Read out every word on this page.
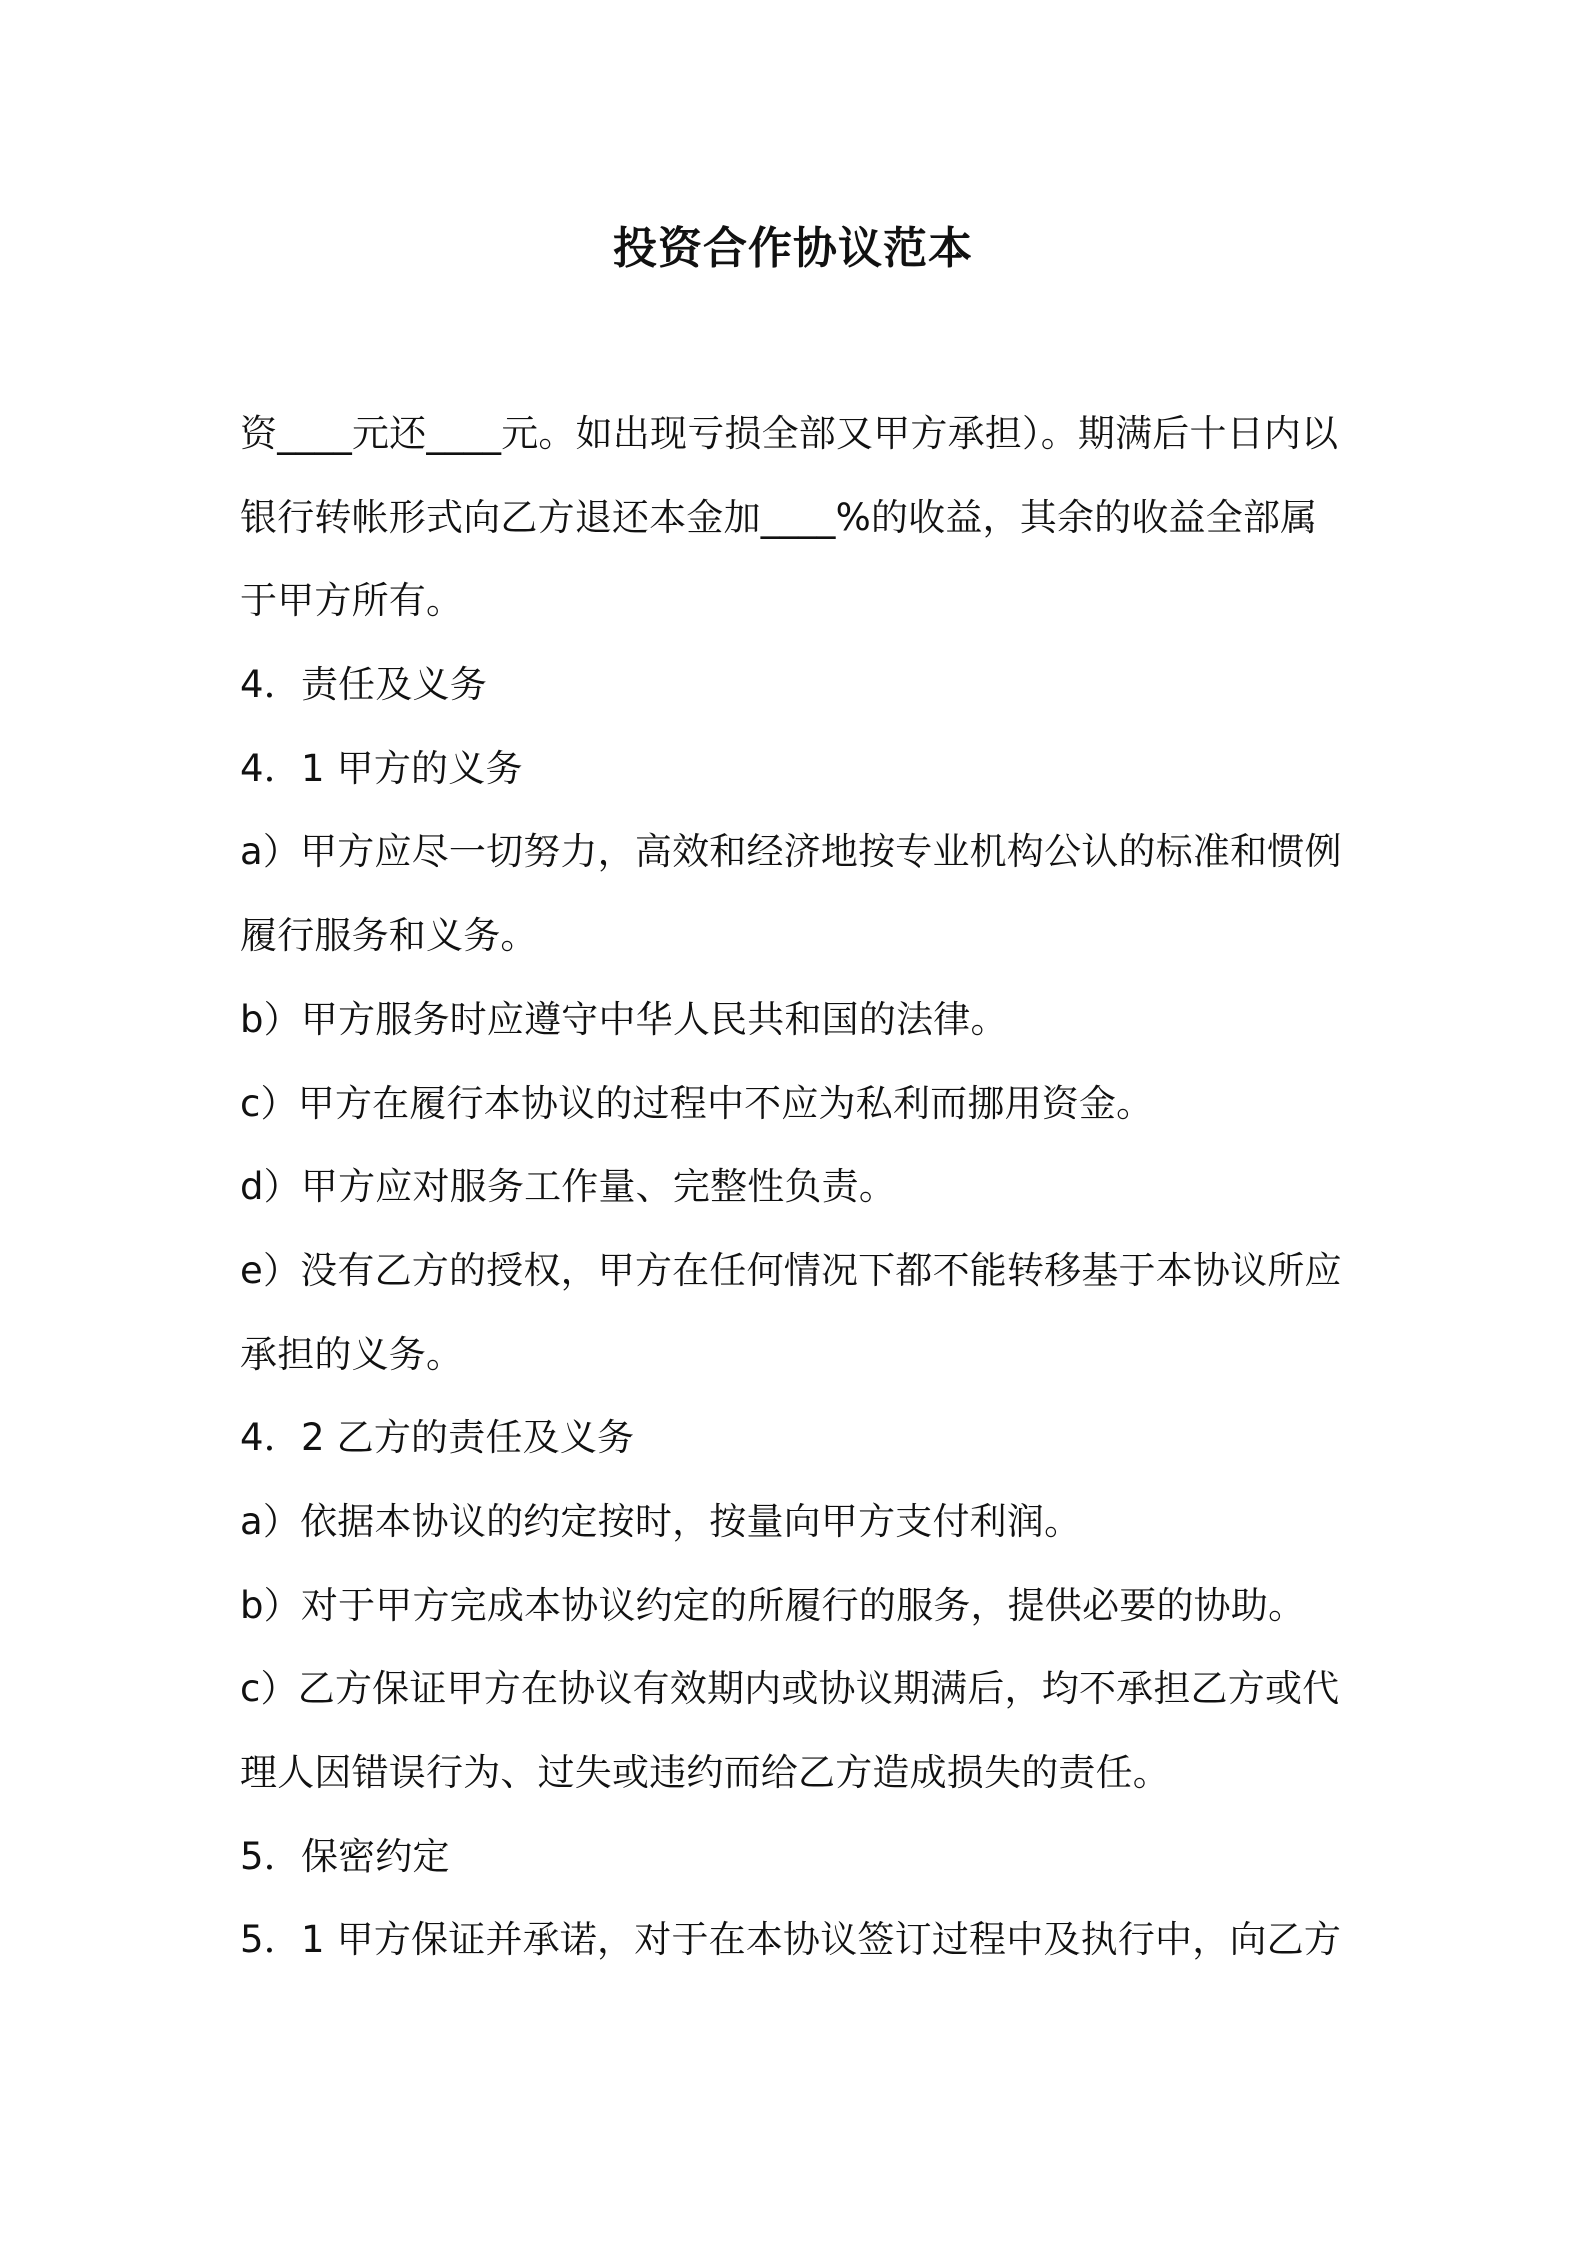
投资合作协议范本
资____元还____元。如出现亏损全部又甲方承担）。期满后十日内以
银行转帐形式向乙方退还本金加____%的收益，其余的收益全部属
于甲方所有。
4．责任及义务
4．1 甲方的义务
a）甲方应尽一切努力，高效和经济地按专业机构公认的标准和惯例
履行服务和义务。
b）甲方服务时应遵守中华人民共和国的法律。
c）甲方在履行本协议的过程中不应为私利而挪用资金。
d）甲方应对服务工作量、完整性负责。
e）没有乙方的授权，甲方在任何情况下都不能转移基于本协议所应
承担的义务。
4．2 乙方的责任及义务
a）依据本协议的约定按时，按量向甲方支付利润。
b）对于甲方完成本协议约定的所履行的服务，提供必要的协助。
c）乙方保证甲方在协议有效期内或协议期满后，均不承担乙方或代
理人因错误行为、过失或违约而给乙方造成损失的责任。
5．保密约定
5．1 甲方保证并承诺，对于在本协议签订过程中及执行中，向乙方
